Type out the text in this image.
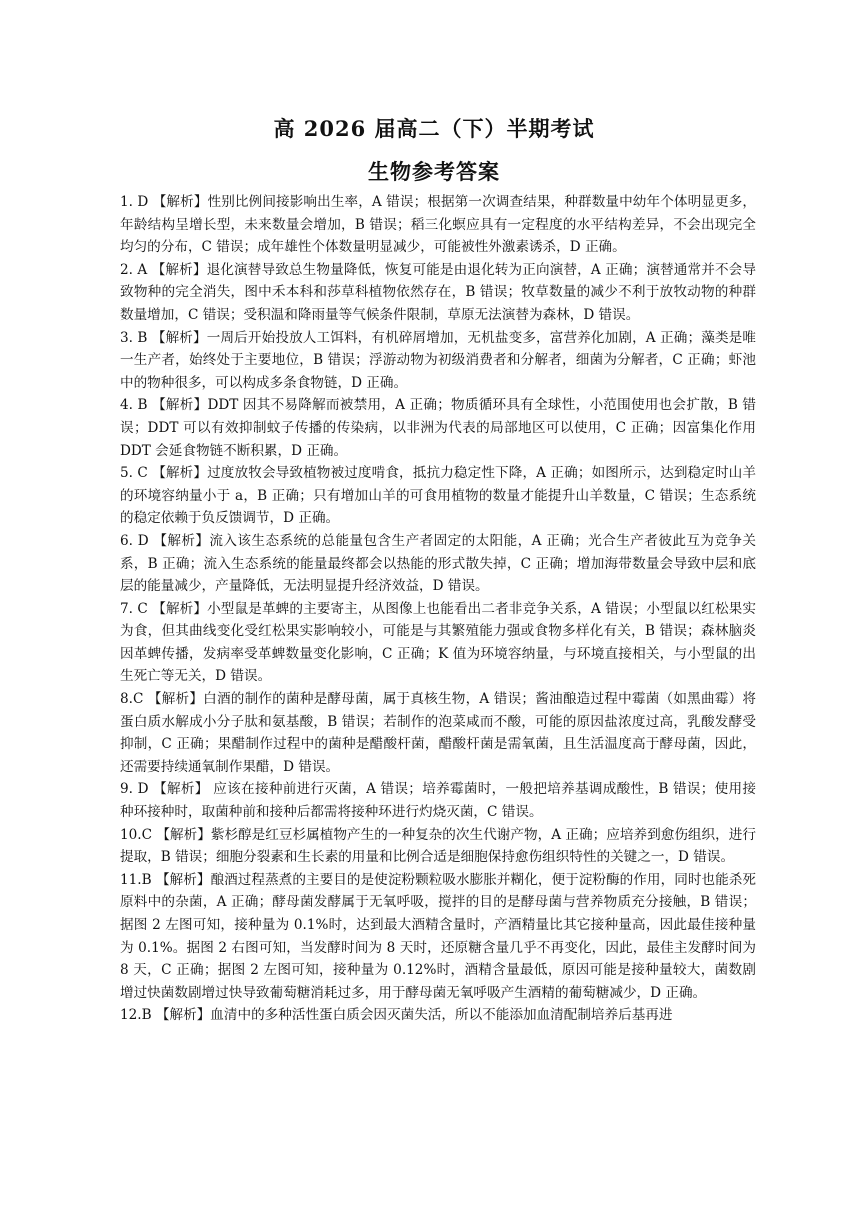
高 2026 届高二（下）半期考试
生物参考答案

1. D 【解析】性别比例间接影响出生率，A 错误；根据第一次调查结果，种群数量中幼年个体明显更多，年龄结构呈增长型，未来数量会增加，B 错误；稻三化螟应具有一定程度的水平结构差异，不会出现完全均匀的分布，C 错误；成年雄性个体数量明显减少，可能被性外激素诱杀，D 正确。

2. A 【解析】退化演替导致总生物量降低，恢复可能是由退化转为正向演替，A 正确；演替通常并不会导致物种的完全消失，图中禾本科和莎草科植物依然存在，B 错误；牧草数量的减少不利于放牧动物的种群数量增加，C 错误；受积温和降雨量等气候条件限制，草原无法演替为森林，D 错误。

3. B 【解析】一周后开始投放人工饵料，有机碎屑增加，无机盐变多，富营养化加剧，A 正确；藻类是唯一生产者，始终处于主要地位，B 错误；浮游动物为初级消费者和分解者，细菌为分解者，C 正确；虾池中的物种很多，可以构成多条食物链，D 正确。

4. B 【解析】DDT 因其不易降解而被禁用，A 正确；物质循环具有全球性，小范围使用也会扩散，B 错误；DDT 可以有效抑制蚊子传播的传染病，以非洲为代表的局部地区可以使用，C 正确；因富集化作用 DDT 会延食物链不断积累，D 正确。

5. C 【解析】过度放牧会导致植物被过度啃食，抵抗力稳定性下降，A 正确；如图所示，达到稳定时山羊的环境容纳量小于 a，B 正确；只有增加山羊的可食用植物的数量才能提升山羊数量，C 错误；生态系统的稳定依赖于负反馈调节，D 正确。

6. D 【解析】流入该生态系统的总能量包含生产者固定的太阳能，A 正确；光合生产者彼此互为竞争关系，B 正确；流入生态系统的能量最终都会以热能的形式散失掉，C 正确；增加海带数量会导致中层和底层的能量减少，产量降低，无法明显提升经济效益，D 错误。

7. C 【解析】小型鼠是革蜱的主要寄主，从图像上也能看出二者非竞争关系，A 错误；小型鼠以红松果实为食，但其曲线变化受红松果实影响较小，可能是与其繁殖能力强或食物多样化有关，B 错误；森林脑炎因革蜱传播，发病率受革蜱数量变化影响，C 正确；K 值为环境容纳量，与环境直接相关，与小型鼠的出生死亡等无关，D 错误。

8.C 【解析】白酒的制作的菌种是酵母菌，属于真核生物，A 错误；酱油酿造过程中霉菌（如黑曲霉）将蛋白质水解成小分子肽和氨基酸，B 错误；若制作的泡菜咸而不酸，可能的原因盐浓度过高，乳酸发酵受抑制，C 正确；果醋制作过程中的菌种是醋酸杆菌，醋酸杆菌是需氧菌，且生活温度高于酵母菌，因此，还需要持续通氧制作果醋，D 错误。

9. D 【解析】 应该在接种前进行灭菌，A 错误；培养霉菌时，一般把培养基调成酸性，B 错误；使用接种环接种时，取菌种前和接种后都需将接种环进行灼烧灭菌，C 错误。

10.C 【解析】紫杉醇是红豆杉属植物产生的一种复杂的次生代谢产物，A 正确；应培养到愈伤组织，进行提取，B 错误；细胞分裂素和生长素的用量和比例合适是细胞保持愈伤组织特性的关键之一，D 错误。

11.B 【解析】酿酒过程蒸煮的主要目的是使淀粉颗粒吸水膨胀并糊化，便于淀粉酶的作用，同时也能杀死原料中的杂菌，A 正确；酵母菌发酵属于无氧呼吸，搅拌的目的是酵母菌与营养物质充分接触，B 错误；据图 2 左图可知，接种量为 0.1%时，达到最大酒精含量时，产酒精量比其它接种量高，因此最佳接种量为 0.1%。据图 2 右图可知，当发酵时间为 8 天时，还原糖含量几乎不再变化，因此，最佳主发酵时间为 8 天，C 正确；据图 2 左图可知，接种量为 0.12%时，酒精含量最低，原因可能是接种量较大，菌数剧增过快菌数剧增过快导致葡萄糖消耗过多，用于酵母菌无氧呼吸产生酒精的葡萄糖减少，D 正确。

12.B 【解析】血清中的多种活性蛋白质会因灭菌失活，所以不能添加血清配制培养后基再进
